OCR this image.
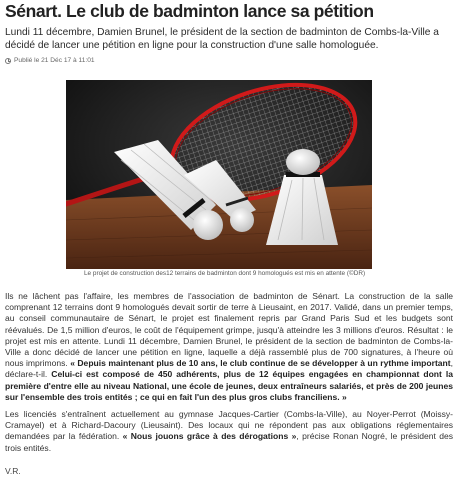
Sénart. Le club de badminton lance sa pétition

Lundi 11 décembre, Damien Brunel, le président de la section de badminton de Combs-la-Ville a décidé de lancer une pétition en ligne pour la construction d'une salle homologuée.

Publié le 21 Déc 17 à 11:01
Le projet de construction des12 terrains de badminton dont 9 homologués est mis en attente (©DR)

Ils ne lâchent pas l'affaire, les membres de l'association de badminton de Sénart. La construction de la salle comprenant 12 terrains dont 9 homologués devait sortir de terre à Lieusaint, en 2017. Validé, dans un premier temps, au conseil communautaire de Sénart, le projet est finalement repris par Grand Paris Sud et les budgets sont réévalués. De 1,5 million d'euros, le coût de l'équipement grimpe, jusqu'à atteindre les 3 millions d'euros. Résultat : le projet est mis en attente. Lundi 11 décembre, Damien Brunel, le président de la section de badminton de Combs-la-Ville a donc décidé de lancer une pétition en ligne, laquelle a déjà rassemblé plus de 700 signatures, à l'heure où nous imprimons. « Depuis maintenant plus de 10 ans, le club continue de se développer à un rythme important, déclare-t-il. Celui-ci est composé de 450 adhérents, plus de 12 équipes engagées en championnat dont la première d'entre elle au niveau National, une école de jeunes, deux entraîneurs salariés, et près de 200 jeunes sur l'ensemble des trois entités ; ce qui en fait l'un des plus gros clubs franciliens. »

Les licenciés s'entraînent actuellement au gymnase Jacques-Cartier (Combs-la-Ville), au Noyer-Perrot (Moissy-Cramayel) et à Richard-Dacoury (Lieusaint). Des locaux qui ne répondent pas aux obligations réglementaires demandées par la fédération. « Nous jouons grâce à des dérogations », précise Ronan Nogré, le président des trois entités.

V.R.
